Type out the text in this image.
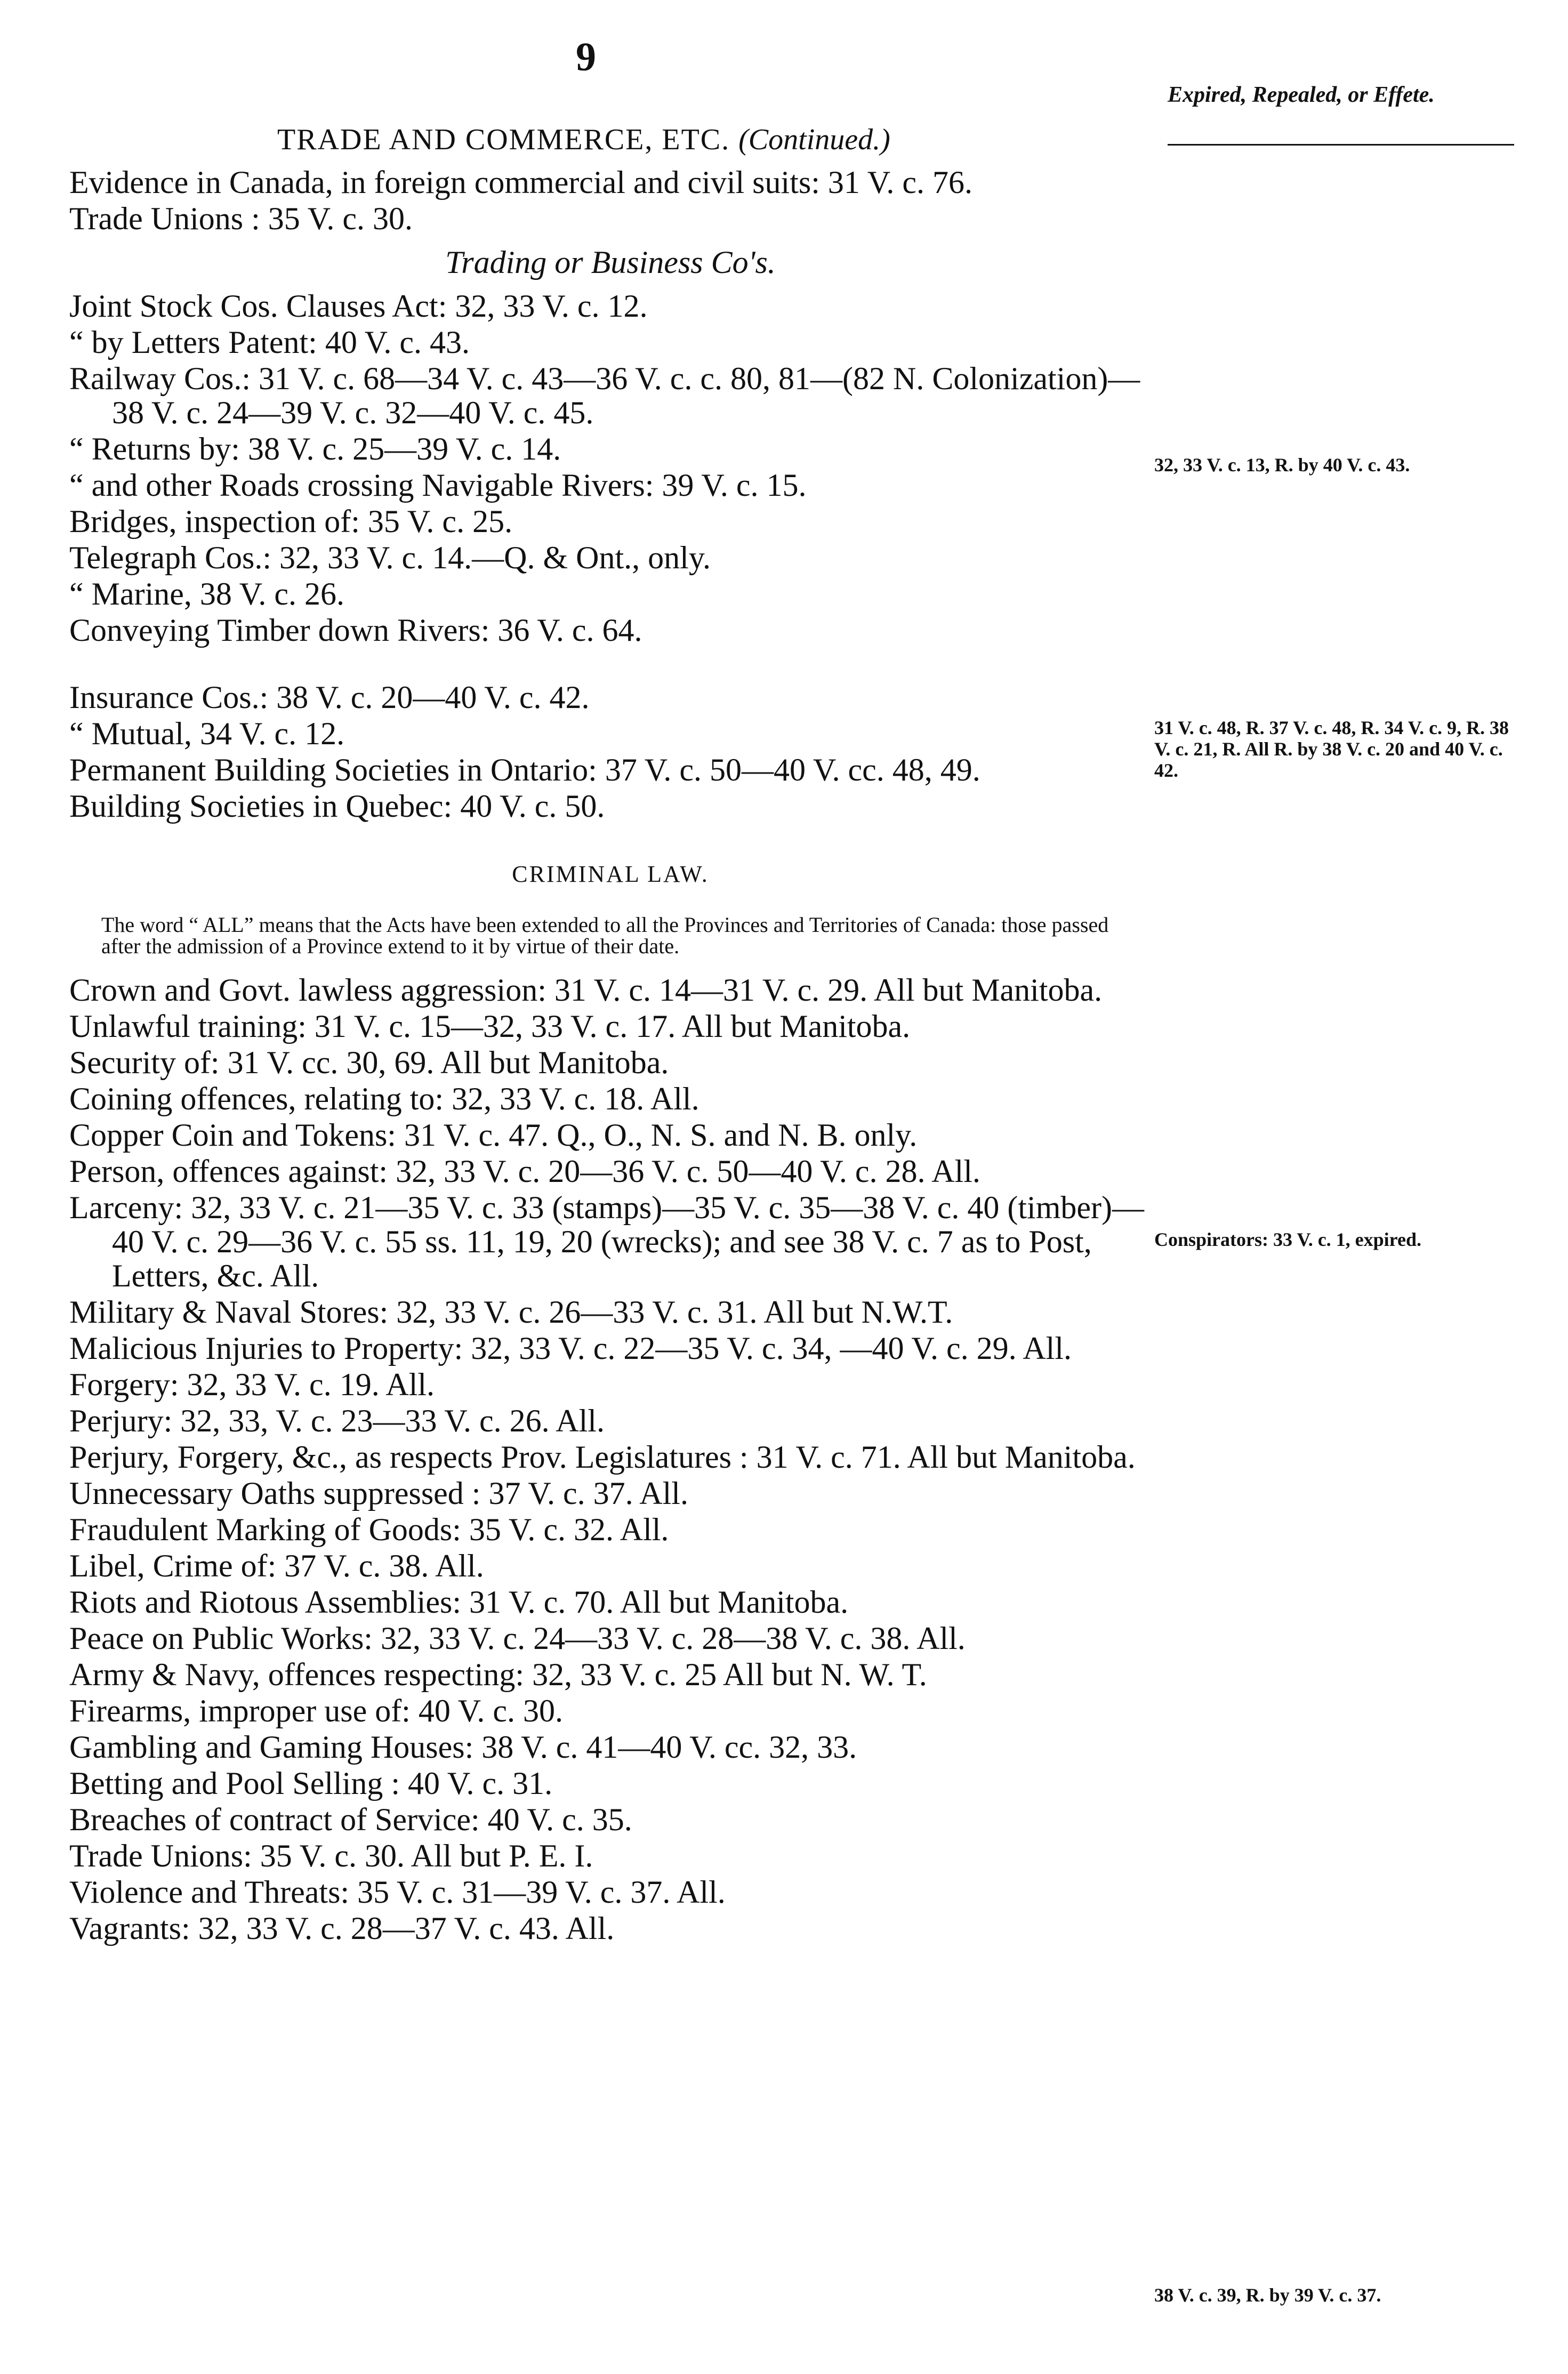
9
Expired, Repealed, or Effete.
TRADE AND COMMERCE, ETC. (Continued.)
Evidence in Canada, in foreign commercial and civil suits: 31 V. c. 76.
Trade Unions : 35 V. c. 30.
Trading or Business Co's.
Joint Stock Cos. Clauses Act: 32, 33 V. c. 12.
“ by Letters Patent: 40 V. c. 43.
Railway Cos.: 31 V. c. 68—34 V. c. 43—36 V. c. c. 80, 81—(82 N. Colonization)—38 V. c. 24—39 V. c. 32—40 V. c. 45.
“ Returns by: 38 V. c. 25—39 V. c. 14.
“ and other Roads crossing Navigable Rivers: 39 V. c. 15.
Bridges, inspection of: 35 V. c. 25.
Telegraph Cos.: 32, 33 V. c. 14.—Q. & Ont., only.
“ Marine, 38 V. c. 26.
Conveying Timber down Rivers: 36 V. c. 64.
Insurance Cos.: 38 V. c. 20—40 V. c. 42.
“ Mutual, 34 V. c. 12.
Permanent Building Societies in Ontario: 37 V. c. 50—40 V. cc. 48, 49.
Building Societies in Quebec: 40 V. c. 50.
CRIMINAL LAW.
The word “ ALL” means that the Acts have been extended to all the Provinces and Territories of Canada: those passed after the admission of a Province extend to it by virtue of their date.
Crown and Govt. lawless aggression: 31 V. c. 14—31 V. c. 29. All but Manitoba.
Unlawful training: 31 V. c. 15—32, 33 V. c. 17. All but Manitoba.
Security of: 31 V. cc. 30, 69. All but Manitoba.
Coining offences, relating to: 32, 33 V. c. 18. All.
Copper Coin and Tokens: 31 V. c. 47. Q., O., N. S. and N. B. only.
Person, offences against: 32, 33 V. c. 20—36 V. c. 50—40 V. c. 28. All.
Larceny: 32, 33 V. c. 21—35 V. c. 33 (stamps)—35 V. c. 35—38 V. c. 40 (timber)—40 V. c. 29—36 V. c. 55 ss. 11, 19, 20 (wrecks); and see 38 V. c. 7 as to Post, Letters, &c. All.
Military & Naval Stores: 32, 33 V. c. 26—33 V. c. 31. All but N.W.T.
Malicious Injuries to Property: 32, 33 V. c. 22—35 V. c. 34, —40 V. c. 29. All.
Forgery: 32, 33 V. c. 19. All.
Perjury: 32, 33, V. c. 23—33 V. c. 26. All.
Perjury, Forgery, &c., as respects Prov. Legislatures : 31 V. c. 71. All but Manitoba.
Unnecessary Oaths suppressed : 37 V. c. 37. All.
Fraudulent Marking of Goods: 35 V. c. 32. All.
Libel, Crime of: 37 V. c. 38. All.
Riots and Riotous Assemblies: 31 V. c. 70. All but Manitoba.
Peace on Public Works: 32, 33 V. c. 24—33 V. c. 28—38 V. c. 38. All.
Army & Navy, offences respecting: 32, 33 V. c. 25 All but N. W. T.
Firearms, improper use of: 40 V. c. 30.
Gambling and Gaming Houses: 38 V. c. 41—40 V. cc. 32, 33.
Betting and Pool Selling : 40 V. c. 31.
Breaches of contract of Service: 40 V. c. 35.
Trade Unions: 35 V. c. 30. All but P. E. I.
Violence and Threats: 35 V. c. 31—39 V. c. 37. All.
Vagrants: 32, 33 V. c. 28—37 V. c. 43. All.
32, 33 V. c. 13, R. by 40 V. c. 43.
31 V. c. 48, R. 37 V. c. 48, R. 34 V. c. 9, R. 38 V. c. 21, R. All R. by 38 V. c. 20 and 40 V. c. 42.
Conspirators: 33 V. c. 1, expired.
38 V. c. 39, R. by 39 V. c. 37.
